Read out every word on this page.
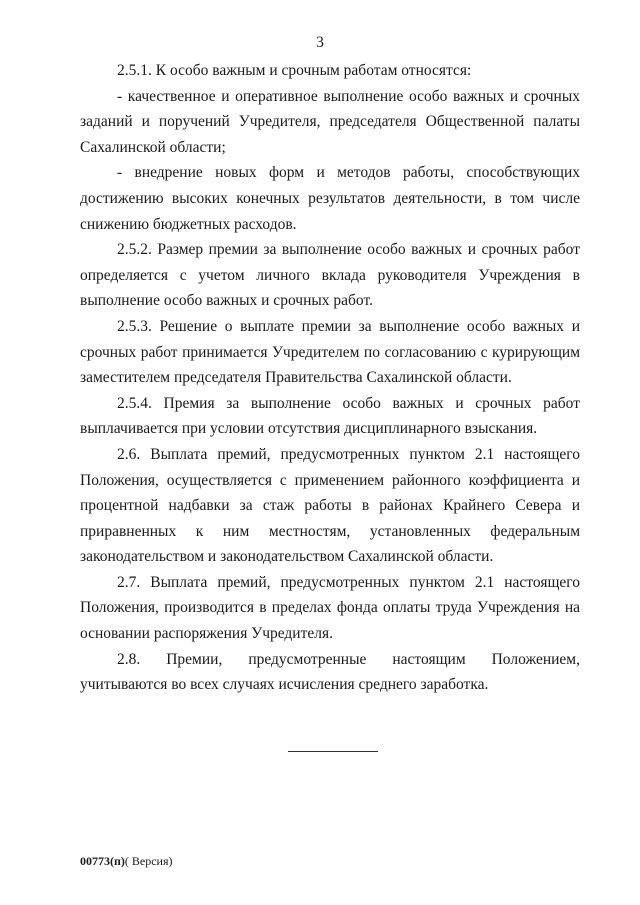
3

2.5.1. К особо важным и срочным работам относятся:

- качественное и оперативное выполнение особо важных и срочных заданий и поручений Учредителя, председателя Общественной палаты Сахалинской области;

- внедрение новых форм и методов работы, способствующих достижению высоких конечных результатов деятельности, в том числе снижению бюджетных расходов.

2.5.2. Размер премии за выполнение особо важных и срочных работ определяется с учетом личного вклада руководителя Учреждения в выполнение особо важных и срочных работ.

2.5.3. Решение о выплате премии за выполнение особо важных и срочных работ принимается Учредителем по согласованию с курирующим заместителем председателя Правительства Сахалинской области.

2.5.4. Премия за выполнение особо важных и срочных работ выплачивается при условии отсутствия дисциплинарного взыскания.

2.6. Выплата премий, предусмотренных пунктом 2.1 настоящего Положения, осуществляется с применением районного коэффициента и процентной надбавки за стаж работы в районах Крайнего Севера и приравненных к ним местностям, установленных федеральным законодательством и законодательством Сахалинской области.

2.7. Выплата премий, предусмотренных пунктом 2.1 настоящего Положения, производится в пределах фонда оплаты труда Учреждения на основании распоряжения Учредителя.

2.8. Премии, предусмотренные настоящим Положением, учитываются во всех случаях исчисления среднего заработка.

00773(п)( Версия)
